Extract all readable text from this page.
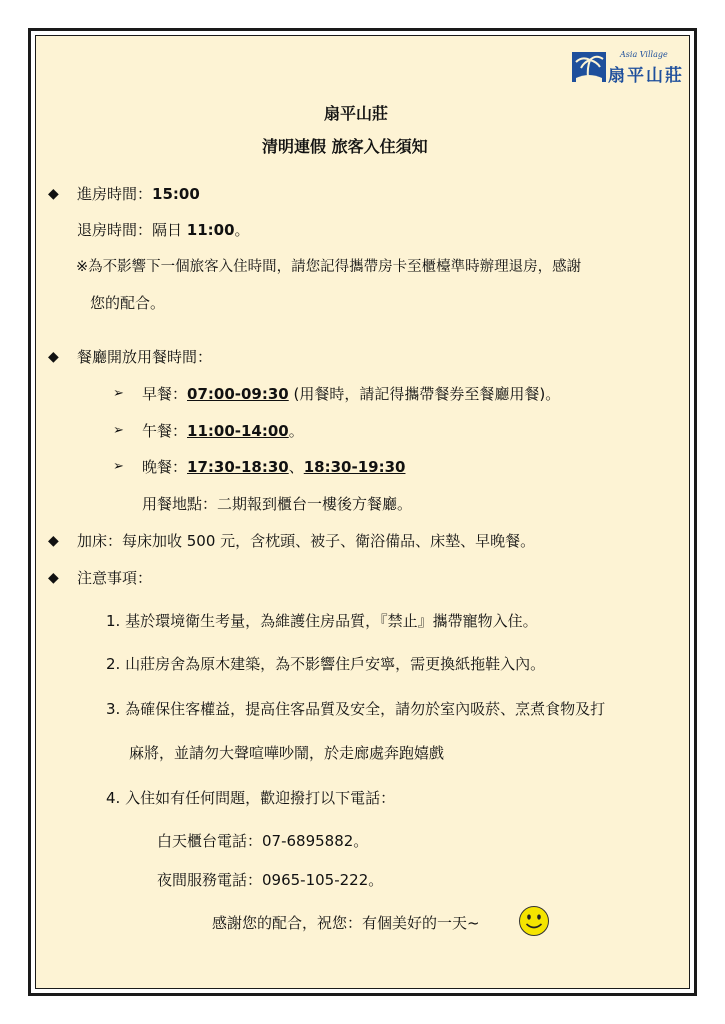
Asia Village
扇平山莊
扇平山莊
清明連假 旅客入住須知
◆ 進房時間：15:00
退房時間：隔日 11:00。
※為不影響下一個旅客入住時間，請您記得攜帶房卡至櫃檯準時辦理退房，感謝
您的配合。
◆ 餐廳開放用餐時間：
➢ 早餐：07:00-09:30 (用餐時，請記得攜帶餐券至餐廳用餐)。
➢ 午餐：11:00-14:00。
➢ 晚餐：17:30-18:30、18:30-19:30
用餐地點：二期報到櫃台一樓後方餐廳。
◆ 加床：每床加收 500 元，含枕頭、被子、衛浴備品、床墊、早晚餐。
◆ 注意事項：
1. 基於環境衛生考量，為維護住房品質，『禁止』攜帶寵物入住。
2. 山莊房舍為原木建築，為不影響住戶安寧，需更換紙拖鞋入內。
3. 為確保住客權益，提高住客品質及安全，請勿於室內吸菸、烹煮食物及打
麻將，並請勿大聲喧嘩吵鬧，於走廊處奔跑嬉戲
4. 入住如有任何問題，歡迎撥打以下電話：
白天櫃台電話：07-6895882。
夜間服務電話：0965-105-222。
感謝您的配合，祝您：有個美好的一天~
